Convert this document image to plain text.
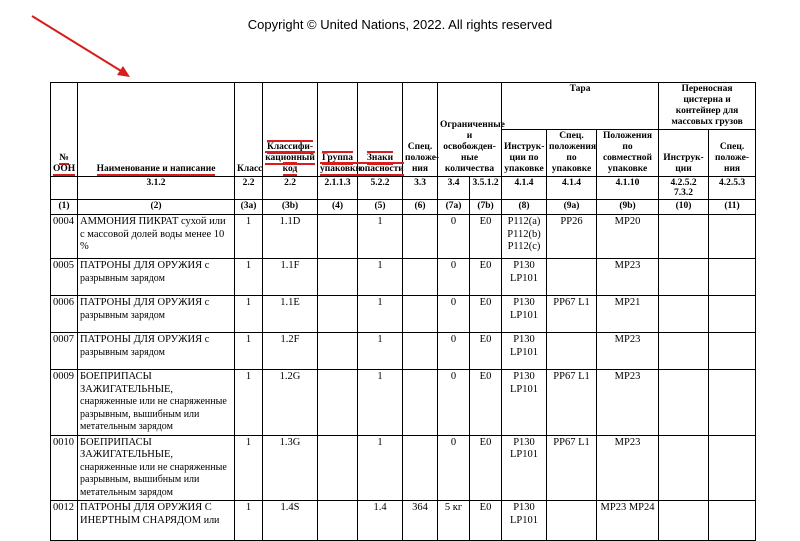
Copyright © United Nations, 2022. All rights reserved
№ ООН	Наименование и написание	Класс	Классифи- кационный код	Группа упаковки	Знаки опасности	Спец. положе- ния	Ограниченные и освобожден- ные количества		Тара			Переносная цистерна и контейнер для массовых грузов	
									Инструк- ции по упаковке	Спец. положения по упаковке	Положения по совместной упаковке	Инструк- ции	Спец. положе- ния
	3.1.2	2.2	2.2	2.1.1.3	5.2.2	3.3	3.4	3.5.1.2	4.1.4	4.1.4	4.1.10	4.2.5.2 7.3.2	4.2.5.3
(1)	(2)	(3a)	(3b)	(4)	(5)	(6)	(7a)	(7b)	(8)	(9a)	(9b)	(10)	(11)
0004	АММОНИЯ ПИКРАТ сухой или с массовой долей воды менее 10 %	1	1.1D		1		0	E0	P112(a) P112(b) P112(c)	PP26	MP20		
0005	ПАТРОНЫ ДЛЯ ОРУЖИЯ с разрывным зарядом	1	1.1F		1		0	E0	P130 LP101		MP23		
0006	ПАТРОНЫ ДЛЯ ОРУЖИЯ с разрывным зарядом	1	1.1E		1		0	E0	P130 LP101	PP67 L1	MP21		
0007	ПАТРОНЫ ДЛЯ ОРУЖИЯ с разрывным зарядом	1	1.2F		1		0	E0	P130 LP101		MP23		
0009	БОЕПРИПАСЫ ЗАЖИГАТЕЛЬНЫЕ, снаряженные или не снаряженные разрывным, вышибным или метательным зарядом	1	1.2G		1		0	E0	P130 LP101	PP67 L1	MP23		
0010	БОЕПРИПАСЫ ЗАЖИГАТЕЛЬНЫЕ, снаряженные или не снаряженные разрывным, вышибным или метательным зарядом	1	1.3G		1		0	E0	P130 LP101	PP67 L1	MP23		
0012	ПАТРОНЫ ДЛЯ ОРУЖИЯ С ИНЕРТНЫМ СНАРЯДОМ или	1	1.4S		1.4	364	5 кг	E0	P130 LP101		MP23 MP24		
